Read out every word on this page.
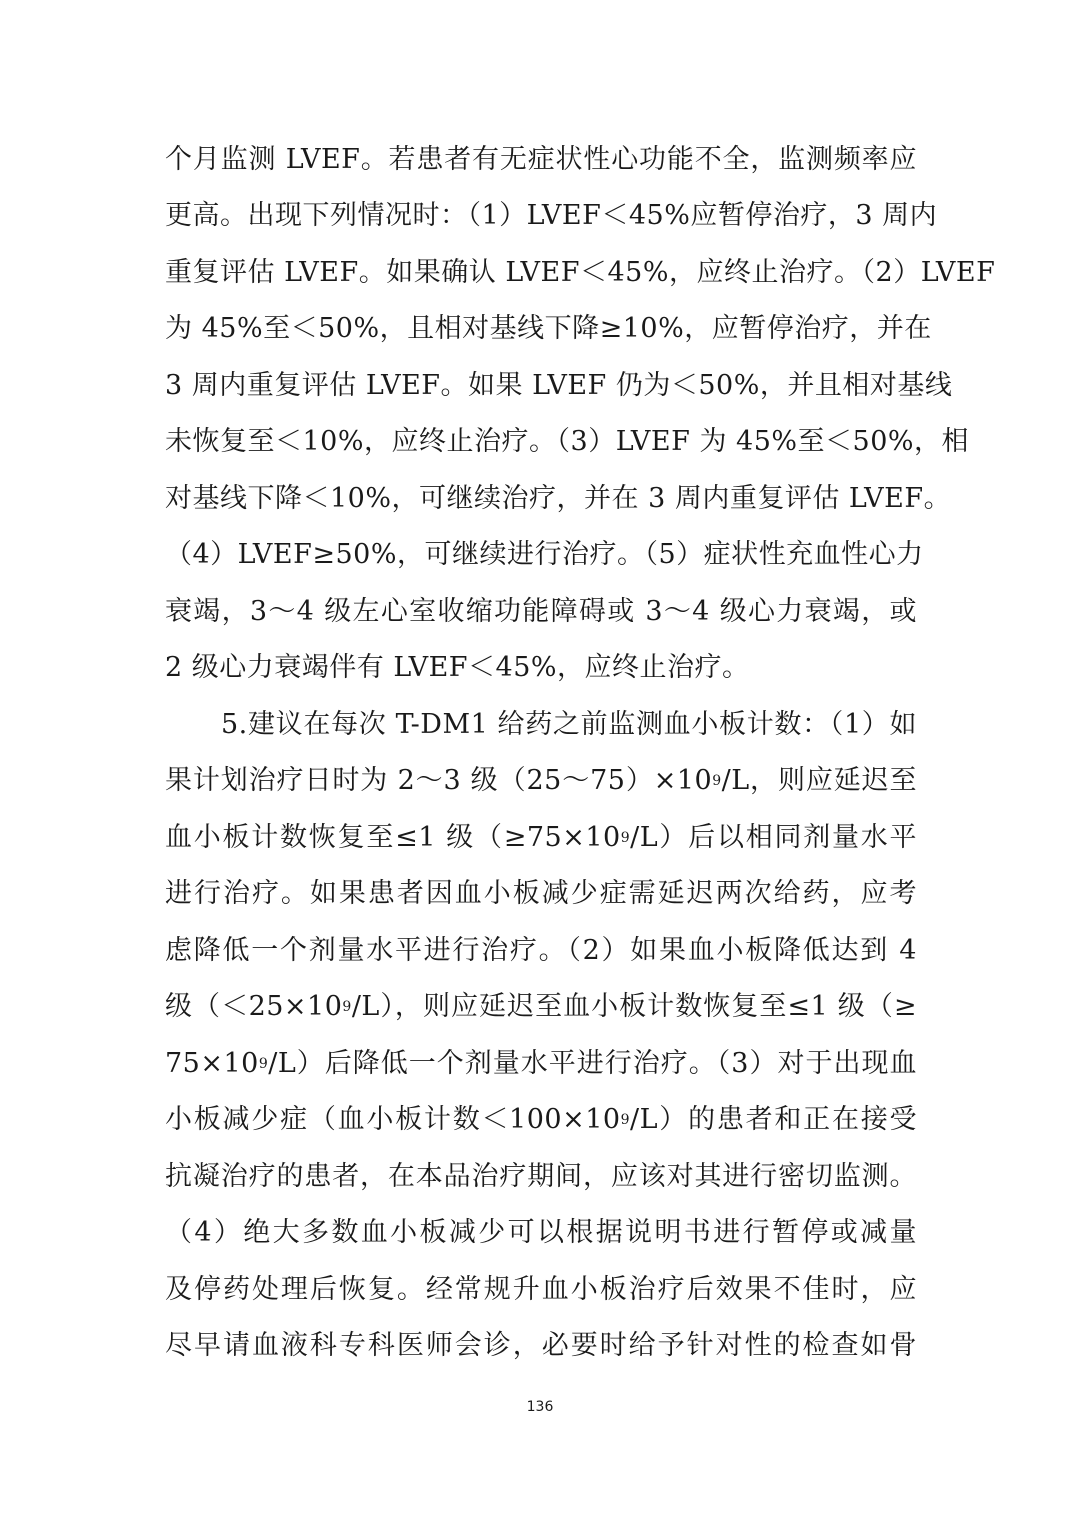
个月监测 LVEF。若患者有无症状性心功能不全，监测频率应
更高。出现下列情况时：（1）LVEF＜45%应暂停治疗，3 周内
重复评估 LVEF。如果确认 LVEF＜45%，应终止治疗。（2）LVEF
为 45%至＜50%，且相对基线下降≥10%，应暂停治疗，并在
3 周内重复评估 LVEF。如果 LVEF 仍为＜50%，并且相对基线
未恢复至＜10%，应终止治疗。（3）LVEF 为 45%至＜50%，相
对基线下降＜10%，可继续治疗，并在 3 周内重复评估 LVEF。
（4）LVEF≥50%，可继续进行治疗。（5）症状性充血性心力
衰竭，3～4 级左心室收缩功能障碍或 3～4 级心力衰竭，或
2 级心力衰竭伴有 LVEF＜45%，应终止治疗。
5.建议在每次 T-DM1 给药之前监测血小板计数：（1）如
果计划治疗日时为 2～3 级$(25\sim 75)\times 10^9/L$，则应延迟至
血小板计数恢复至≤1 级$(\ge 75\times 10^9/L)$后以相同剂量水平
进行治疗。如果患者因血小板减少症需延迟两次给药，应考
虑降低一个剂量水平进行治疗。（2）如果血小板降低达到 4
级$(<25\times 10^9/L)$，则应延迟至血小板计数恢复至≤1 级（≥
$75\times 10^9/L$）后降低一个剂量水平进行治疗。（3）对于出现血
小板减少症（血小板计数$<100\times 10^9/L$）的患者和正在接受
抗凝治疗的患者，在本品治疗期间，应该对其进行密切监测。
（4）绝大多数血小板减少可以根据说明书进行暂停或减量
及停药处理后恢复。经常规升血小板治疗后效果不佳时，应
尽早请血液科专科医师会诊，必要时给予针对性的检查如骨
136
